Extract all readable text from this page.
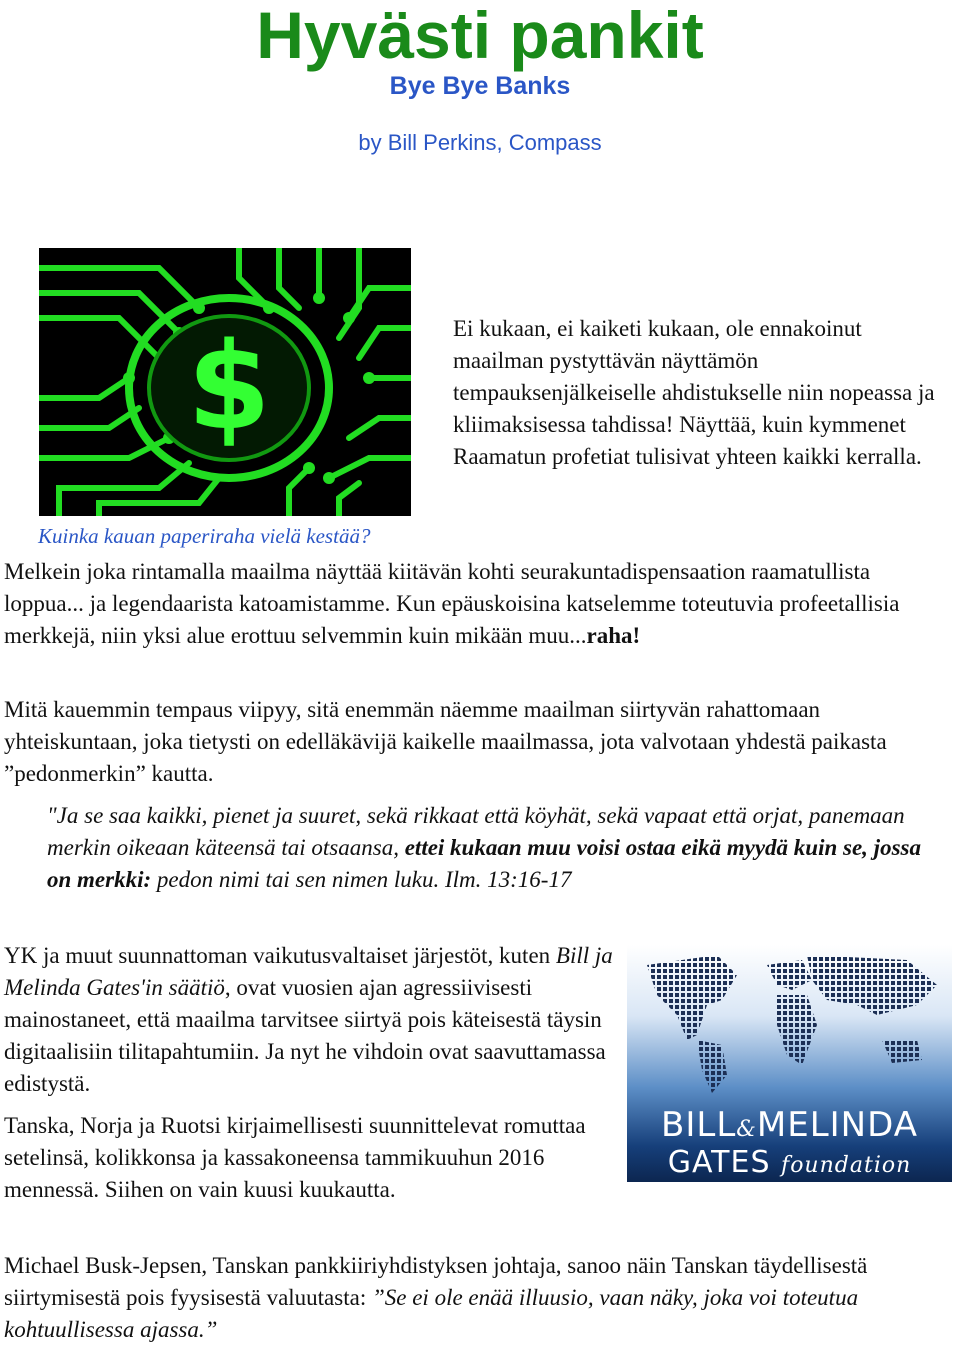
Hyvästi pankit
Bye Bye Banks
by Bill Perkins, Compass
$
Kuinka kauan paperiraha vielä kestää?
Ei kukaan, ei kaiketi kukaan, ole ennakoinut maailman pystyttävän näyttämön tempauksenjälkeiselle ahdistukselle niin nopeassa ja kliimaksisessa tahdissa! Näyttää, kuin kymmenet Raamatun profetiat tulisivat yhteen kaikki kerralla.
Melkein joka rintamalla maailma näyttää kiitävän kohti seurakuntadispensaation raamatullista loppua... ja legendaarista katoamistamme. Kun epäuskoisina katselemme toteutuvia profeetallisia merkkejä, niin yksi alue erottuu selvemmin kuin mikään muu...raha!
Mitä kauemmin tempaus viipyy, sitä enemmän näemme maailman siirtyvän rahattomaan yhteiskuntaan, joka tietysti on edelläkävijä kaikelle maailmassa, jota valvotaan yhdestä paikasta ”pedonmerkin” kautta.
"Ja se saa kaikki, pienet ja suuret, sekä rikkaat että köyhät, sekä vapaat että orjat, panemaan merkin oikeaan käteensä tai otsaansa, ettei kukaan muu voisi ostaa eikä myydä kuin se, jossa on merkki: pedon nimi tai sen nimen luku. Ilm. 13:16-17
YK ja muut suunnattoman vaikutusvaltaiset järjestöt, kuten Bill ja Melinda Gates'in säätiö, ovat vuosien ajan agressiivisesti mainostaneet, että maailma tarvitsee siirtyä pois käteisestä täysin digitaalisiin tilitapahtumiin. Ja nyt he vihdoin ovat saavuttamassa edistystä.
BILL&MELINDA
GATES foundation
Tanska, Norja ja Ruotsi kirjaimellisesti suunnittelevat romuttaa setelinsä, kolikkonsa ja kassakoneensa tammikuuhun 2016 mennessä. Siihen on vain kuusi kuukautta.
Michael Busk-Jepsen, Tanskan pankkiiriyhdistyksen johtaja, sanoo näin Tanskan täydellisestä siirtymisestä pois fyysisestä valuutasta: ”Se ei ole enää illuusio, vaan näky, joka voi toteutua kohtuullisessa ajassa.”
